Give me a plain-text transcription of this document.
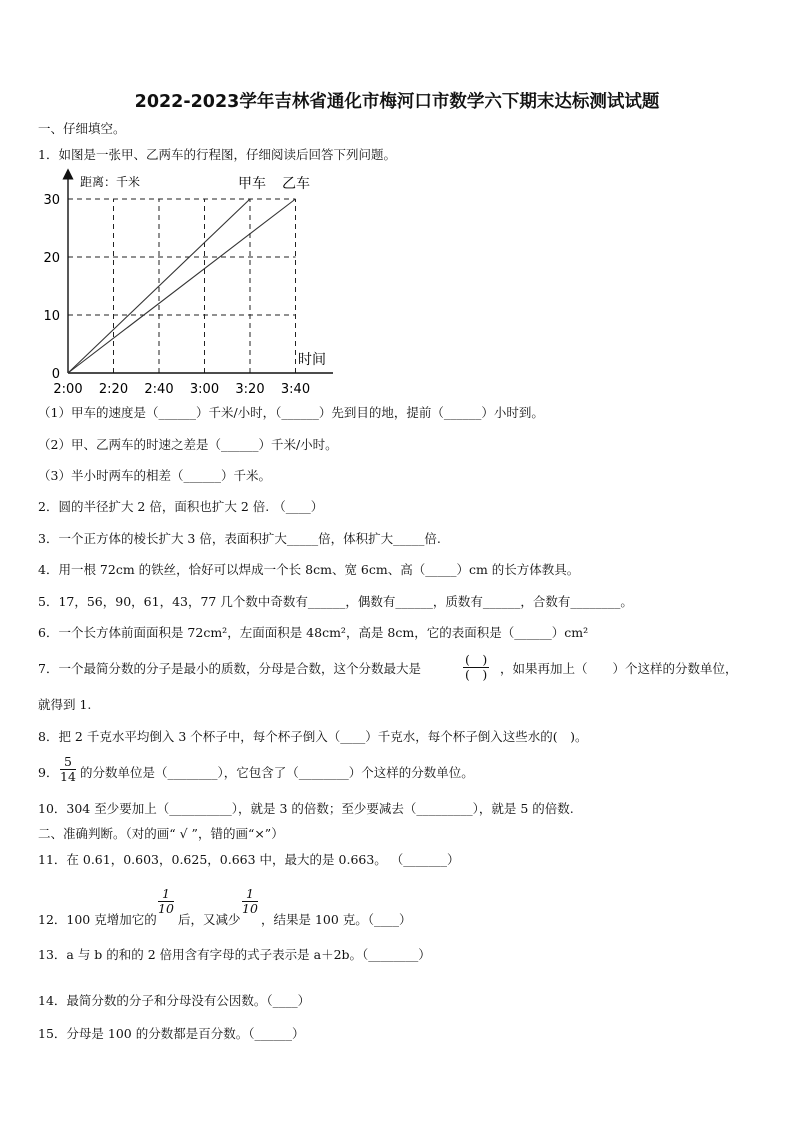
2022-2023学年吉林省通化市梅河口市数学六下期末达标测试试题
一、仔细填空。
1．如图是一张甲、乙两车的行程图，仔细阅读后回答下列问题。
距离：千米
时间
甲车 乙车
0
10
20
30
2:00 2:20 2:40 3:00 3:20 3:40
（1）甲车的速度是（______）千米/小时，（______）先到目的地，提前（______）小时到。
（2）甲、乙两车的时速之差是（______）千米/小时。
（3）半小时两车的相差（______）千米。
2．圆的半径扩大 2 倍，面积也扩大 2 倍. （____）
3．一个正方体的棱长扩大 3 倍，表面积扩大_____倍，体积扩大_____倍.
4．用一根 72cm 的铁丝，恰好可以焊成一个长 8cm、宽 6cm、高（_____）cm 的长方体教具。
5．17，56，90，61，43，77 几个数中奇数有______，偶数有______，质数有______，合数有________。
6．一个长方体前面面积是 72cm²，左面面积是 48cm²，高是 8cm，它的表面积是（______）cm²
7．一个最简分数的分子是最小的质数，分母是合数，这个分数最大是
(　)
(　) ，如果再加上（　　）个这样的分数单位，
就得到 1.
8．把 2 千克水平均倒入 3 个杯子中，每个杯子倒入（____）千克水，每个杯子倒入这些水的(　)。
9． $\frac{5}{14}$ 的分数单位是（________），它包含了（________）个这样的分数单位。
10．304 至少要加上（__________），就是 3 的倍数；至少要减去（_________），就是 5 的倍数.
二、准确判断。（对的画“ √ ”，错的画“×”）
11．在 0.61，0.603，0.625，0.663 中，最大的是 0.663。 （_______）
12．100 克增加它的
$\frac{1}{10}$
后，又减少
$\frac{1}{10}$
，结果是 100 克。（____）
13．a 与 b 的和的 2 倍用含有字母的式子表示是 a＋2b。（________）
14．最简分数的分子和分母没有公因数。（____）
15．分母是 100 的分数都是百分数。（______）
